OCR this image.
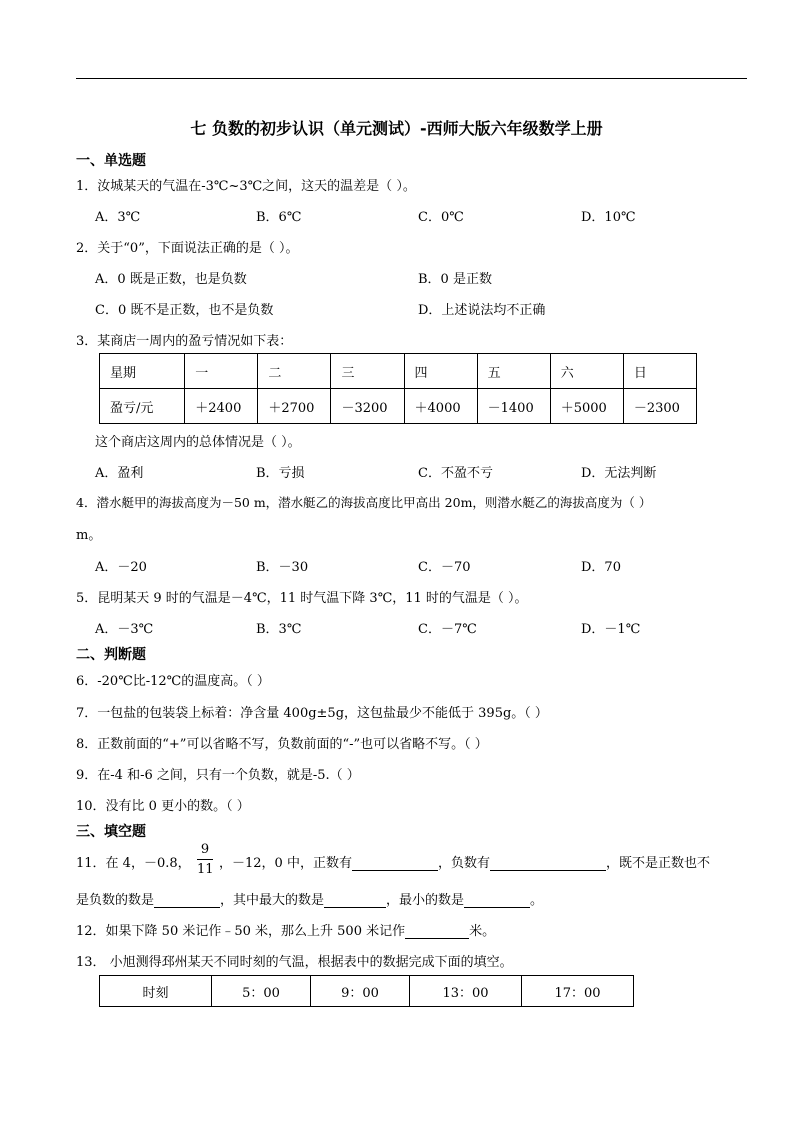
七 负数的初步认识（单元测试）-西师大版六年级数学上册
一、单选题
1．汝城某天的气温在-3℃~3℃之间，这天的温差是（ ）。
A．3℃	B．6℃	C．0℃	D．10℃
2．关于“0”，下面说法正确的是（ ）。
A．0 既是正数，也是负数	B．0 是正数
C．0 既不是正数，也不是负数	D．上述说法均不正确
3．某商店一周内的盈亏情况如下表：
星期	一	二	三	四	五	六	日
盈亏/元	＋2400	＋2700	－3200	＋4000	－1400	＋5000	－2300
这个商店这周内的总体情况是（ ）。
A．盈利	B．亏损	C．不盈不亏	D．无法判断
4．潜水艇甲的海拔高度为－50 m，潜水艇乙的海拔高度比甲高出 20m，则潜水艇乙的海拔高度为（ ）
m。
A．－20	B．－30	C．－70	D．70
5．昆明某天 9 时的气温是－4℃，11 时气温下降 3℃，11 时的气温是（ ）。
A．－3℃	B．3℃	C．－7℃	D．－1℃
二、判断题
6．-20℃比-12℃的温度高。（ ）
7．一包盐的包装袋上标着：净含量 400g±5g，这包盐最少不能低于 395g。（ ）
8．正数前面的“+”可以省略不写，负数前面的“-”也可以省略不写。（ ）
9．在-4 和-6 之间，只有一个负数，就是-5.（ ）
10．没有比 0 更小的数。（ ）
三、填空题
11．在 4，－0.8，
9
11 ，－12，0 中，正数有	，负数有	，既不是正数也不
是负数的数是	，其中最大的数是	，最小的数是	。
12．如果下降 50 米记作﹣50 米，那么上升 500 米记作	米。
13． 小旭测得邳州某天不同时刻的气温，根据表中的数据完成下面的填空。
时刻	5：00	9：00	13：00	17：00
